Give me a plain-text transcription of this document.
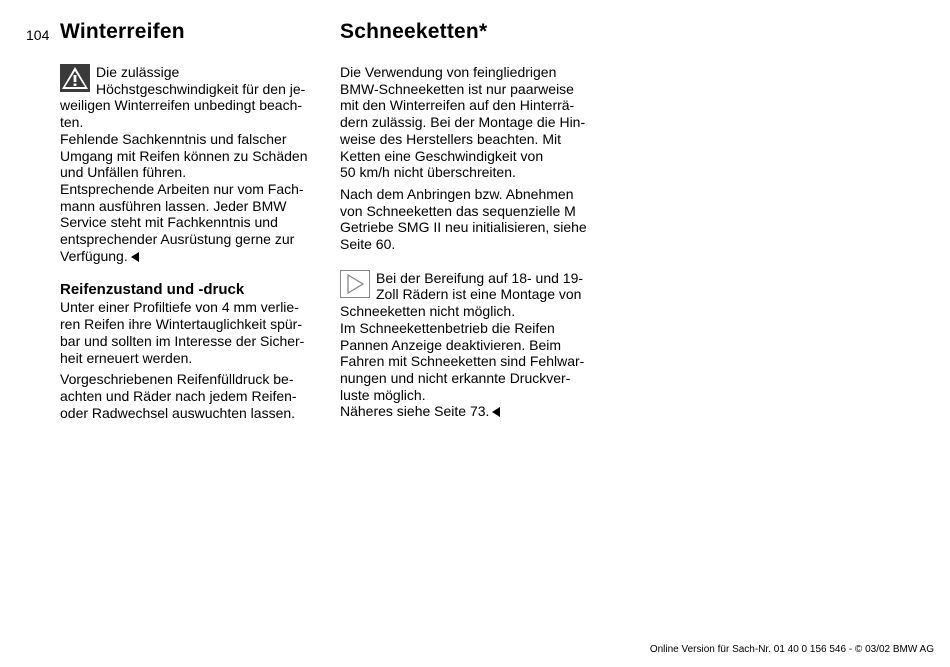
104 Winterreifen	Schneeketten*

Die zulässige

Höchstgeschwindigkeit für den je-

weiligen Winterreifen unbedingt beach-

ten.

Fehlende Sachkenntnis und falscher

Umgang mit Reifen können zu Schäden

und Unfällen führen.

Entsprechende Arbeiten nur vom Fach-

mann ausführen lassen. Jeder BMW

Service steht mit Fachkenntnis und

entsprechender Ausrüstung gerne zur

Verfügung.

Reifenzustand und -druck

Unter einer Profiltiefe von 4 mm verlie-

ren Reifen ihre Wintertauglichkeit spür-

bar und sollten im Interesse der Sicher-

heit erneuert werden.

Vorgeschriebenen Reifenfülldruck be-

achten und Räder nach jedem Reifen-

oder Radwechsel auswuchten lassen.

Die Verwendung von feingliedrigen

BMW-Schneeketten ist nur paarweise

mit den Winterreifen auf den Hinterrä-

dern zulässig. Bei der Montage die Hin-

weise des Herstellers beachten. Mit

Ketten eine Geschwindigkeit von

50 km/h nicht überschreiten.

Nach dem Anbringen bzw. Abnehmen

von Schneeketten das sequenzielle M

Getriebe SMG II neu initialisieren, siehe

Seite 60.

Bei der Bereifung auf 18- und 19-

Zoll Rädern ist eine Montage von

Schneeketten nicht möglich.

Im Schneekettenbetrieb die Reifen

Pannen Anzeige deaktivieren. Beim

Fahren mit Schneeketten sind Fehlwar-

nungen und nicht erkannte Druckver-

luste möglich.

Näheres siehe Seite 73.

Online Version für Sach-Nr. 01 40 0 156 546 - © 03/02 BMW AG
